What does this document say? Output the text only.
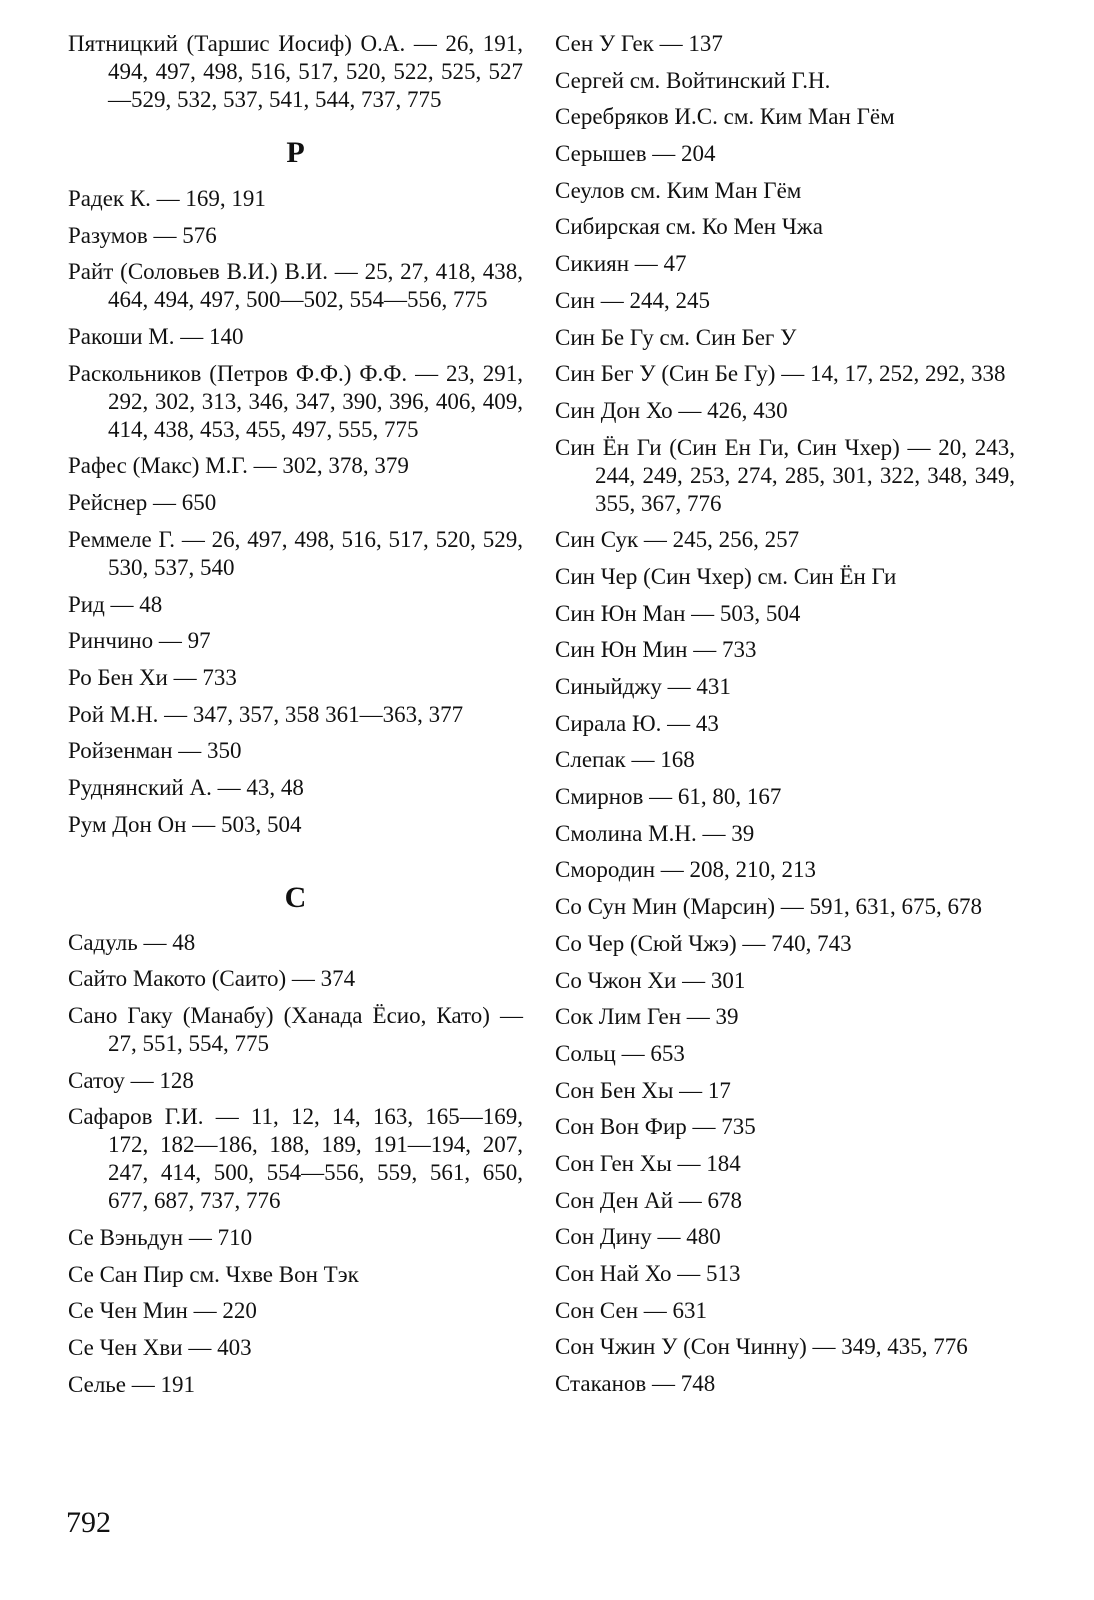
Пятницкий (Таршис Иосиф) О.А. — 26, 191, 494, 497, 498, 516, 517, 520, 522, 525, 527—529, 532, 537, 541, 544, 737, 775
Р
Радек К. — 169, 191
Разумов — 576
Райт (Соловьев В.И.) В.И. — 25, 27, 418, 438, 464, 494, 497, 500—502, 554—556, 775
Ракоши М. — 140
Раскольников (Петров Ф.Ф.) Ф.Ф. — 23, 291, 292, 302, 313, 346, 347, 390, 396, 406, 409, 414, 438, 453, 455, 497, 555, 775
Рафес (Макс) М.Г. — 302, 378, 379
Рейснер — 650
Реммеле Г. — 26, 497, 498, 516, 517, 520, 529, 530, 537, 540
Рид — 48
Ринчино — 97
Ро Бен Хи — 733
Рой М.Н. — 347, 357, 358 361—363, 377
Ройзенман — 350
Руднянский А. — 43, 48
Рум Дон Он — 503, 504
С
Садуль — 48
Сайто Макото (Саито) — 374
Сано Гаку (Манабу) (Ханада Ёсио, Като) — 27, 551, 554, 775
Сатоу — 128
Сафаров Г.И. — 11, 12, 14, 163, 165—169, 172, 182—186, 188, 189, 191—194, 207, 247, 414, 500, 554—556, 559, 561, 650, 677, 687, 737, 776
Се Вэньдун — 710
Се Сан Пир см. Чхве Вон Тэк
Се Чен Мин — 220
Се Чен Хви — 403
Селье — 191
Сен У Гек — 137
Сергей см. Войтинский Г.Н.
Серебряков И.С. см. Ким Ман Гём
Серышев — 204
Сеулов см. Ким Ман Гём
Сибирская см. Ко Мен Чжа
Сикиян — 47
Син — 244, 245
Син Бе Гу см. Син Бег У
Син Бег У (Син Бе Гу) — 14, 17, 252, 292, 338
Син Дон Хо — 426, 430
Син Ён Ги (Син Ен Ги, Син Чхер) — 20, 243, 244, 249, 253, 274, 285, 301, 322, 348, 349, 355, 367, 776
Син Сук — 245, 256, 257
Син Чер (Син Чхер) см. Син Ён Ги
Син Юн Ман — 503, 504
Син Юн Мин — 733
Синыйджу — 431
Сирала Ю. — 43
Слепак — 168
Смирнов — 61, 80, 167
Смолина М.Н. — 39
Смородин — 208, 210, 213
Со Сун Мин (Марсин) — 591, 631, 675, 678
Со Чер (Сюй Чжэ) — 740, 743
Со Чжон Хи — 301
Сок Лим Ген — 39
Сольц — 653
Сон Бен Хы — 17
Сон Вон Фир — 735
Сон Ген Хы — 184
Сон Ден Ай — 678
Сон Дину — 480
Сон Най Хо — 513
Сон Сен — 631
Сон Чжин У (Сон Чинну) — 349, 435, 776
Стаканов — 748
792
